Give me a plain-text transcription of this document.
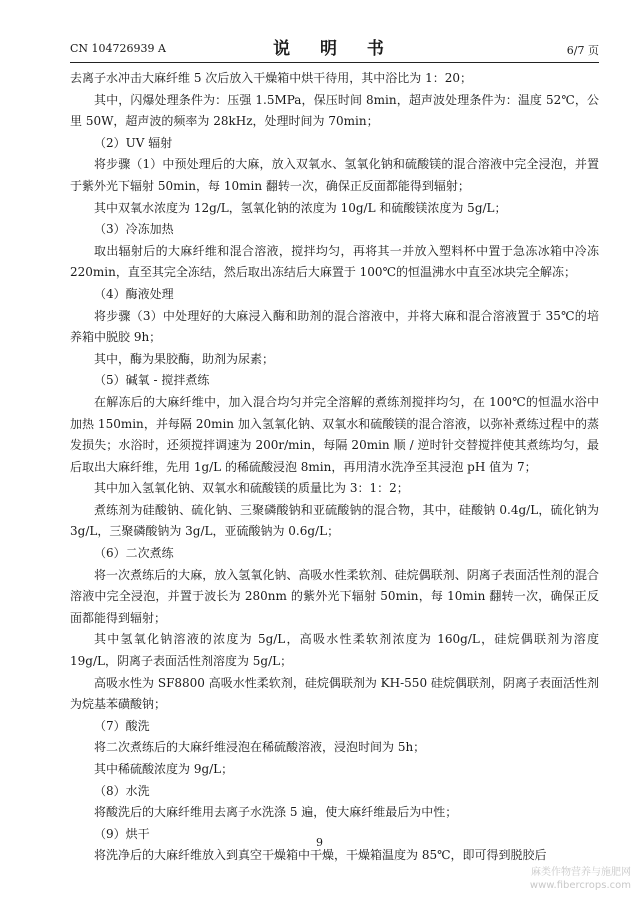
CN 104726939 A	说 明 书	6/7 页

去离子水冲击大麻纤维 5 次后放入干燥箱中烘干待用，其中浴比为 1：20；

其中，闪爆处理条件为：压强 1.5MPa，保压时间 8min，超声波处理条件为：温度 52℃，公里 50W，超声波的频率为 28kHz，处理时间为 70min；

（2）UV 辐射

将步骤（1）中预处理后的大麻，放入双氧水、氢氧化钠和硫酸镁的混合溶液中完全浸泡，并置于紫外光下辐射 50min，每 10min 翻转一次，确保正反面都能得到辐射；

其中双氧水浓度为 12g/L，氢氧化钠的浓度为 10g/L 和硫酸镁浓度为 5g/L；

（3）冷冻加热

取出辐射后的大麻纤维和混合溶液，搅拌均匀，再将其一并放入塑料杯中置于急冻冰箱中冷冻 220min，直至其完全冻结，然后取出冻结后大麻置于 100℃的恒温沸水中直至冰块完全解冻；

（4）酶液处理

将步骤（3）中处理好的大麻浸入酶和助剂的混合溶液中，并将大麻和混合溶液置于 35℃的培养箱中脱胶 9h；

其中，酶为果胶酶，助剂为尿素；

（5）碱氧 - 搅拌煮练

在解冻后的大麻纤维中，加入混合均匀并完全溶解的煮练剂搅拌均匀，在 100℃的恒温水浴中加热 150min，并每隔 20min 加入氢氧化钠、双氧水和硫酸镁的混合溶液，以弥补煮练过程中的蒸发损失；水浴时，还须搅拌调速为 200r/min，每隔 20min 顺 / 逆时针交替搅拌使其煮练均匀，最后取出大麻纤维，先用 1g/L 的稀硫酸浸泡 8min，再用清水洗净至其浸泡 pH 值为 7；

其中加入氢氧化钠、双氧水和硫酸镁的质量比为 3：1：2；

煮练剂为硅酸钠、硫化钠、三聚磷酸钠和亚硫酸钠的混合物，其中，硅酸钠 0.4g/L，硫化钠为 3g/L，三聚磷酸钠为 3g/L，亚硫酸钠为 0.6g/L；

（6）二次煮练

将一次煮练后的大麻，放入氢氧化钠、高吸水性柔软剂、硅烷偶联剂、阴离子表面活性剂的混合溶液中完全浸泡，并置于波长为 280nm 的紫外光下辐射 50min，每 10min 翻转一次，确保正反面都能得到辐射；

其中氢氧化钠溶液的浓度为 5g/L，高吸水性柔软剂浓度为 160g/L，硅烷偶联剂为溶度 19g/L，阴离子表面活性剂溶度为 5g/L；

高吸水性为 SF8800 高吸水性柔软剂，硅烷偶联剂为 KH-550 硅烷偶联剂，阴离子表面活性剂为烷基苯磺酸钠；

（7）酸洗

将二次煮练后的大麻纤维浸泡在稀硫酸溶液，浸泡时间为 5h；

其中稀硫酸浓度为 9g/L；

（8）水洗

将酸洗后的大麻纤维用去离子水洗涤 5 遍，使大麻纤维最后为中性；

（9）烘干

将洗净后的大麻纤维放入到真空干燥箱中干燥，干燥箱温度为 85℃，即可得到脱胶后

9
麻类作物营养与施肥网
www.fibercrops.com
